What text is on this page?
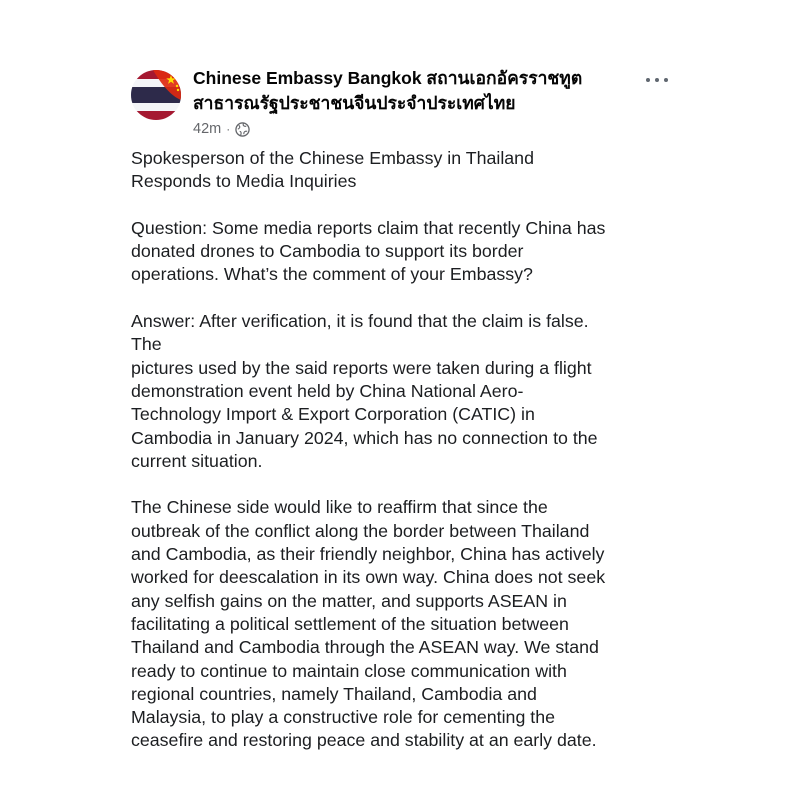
Chinese Embassy Bangkok สถานเอกอัครราชทูต
สาธารณรัฐประชาชนจีนประจำประเทศไทย
42m ·
Spokesperson of the Chinese Embassy in Thailand
Responds to Media Inquiries
Question: Some media reports claim that recently China has
donated drones to Cambodia to support its border
operations. What’s the comment of your Embassy?
Answer: After verification, it is found that the claim is false.
The
pictures used by the said reports were taken during a flight
demonstration event held by China National Aero-
Technology Import & Export Corporation (CATIC) in
Cambodia in January 2024, which has no connection to the
current situation.
The Chinese side would like to reaffirm that since the
outbreak of the conflict along the border between Thailand
and Cambodia, as their friendly neighbor, China has actively
worked for deescalation in its own way. China does not seek
any selfish gains on the matter, and supports ASEAN in
facilitating a political settlement of the situation between
Thailand and Cambodia through the ASEAN way. We stand
ready to continue to maintain close communication with
regional countries, namely Thailand, Cambodia and
Malaysia, to play a constructive role for cementing the
ceasefire and restoring peace and stability at an early date.
